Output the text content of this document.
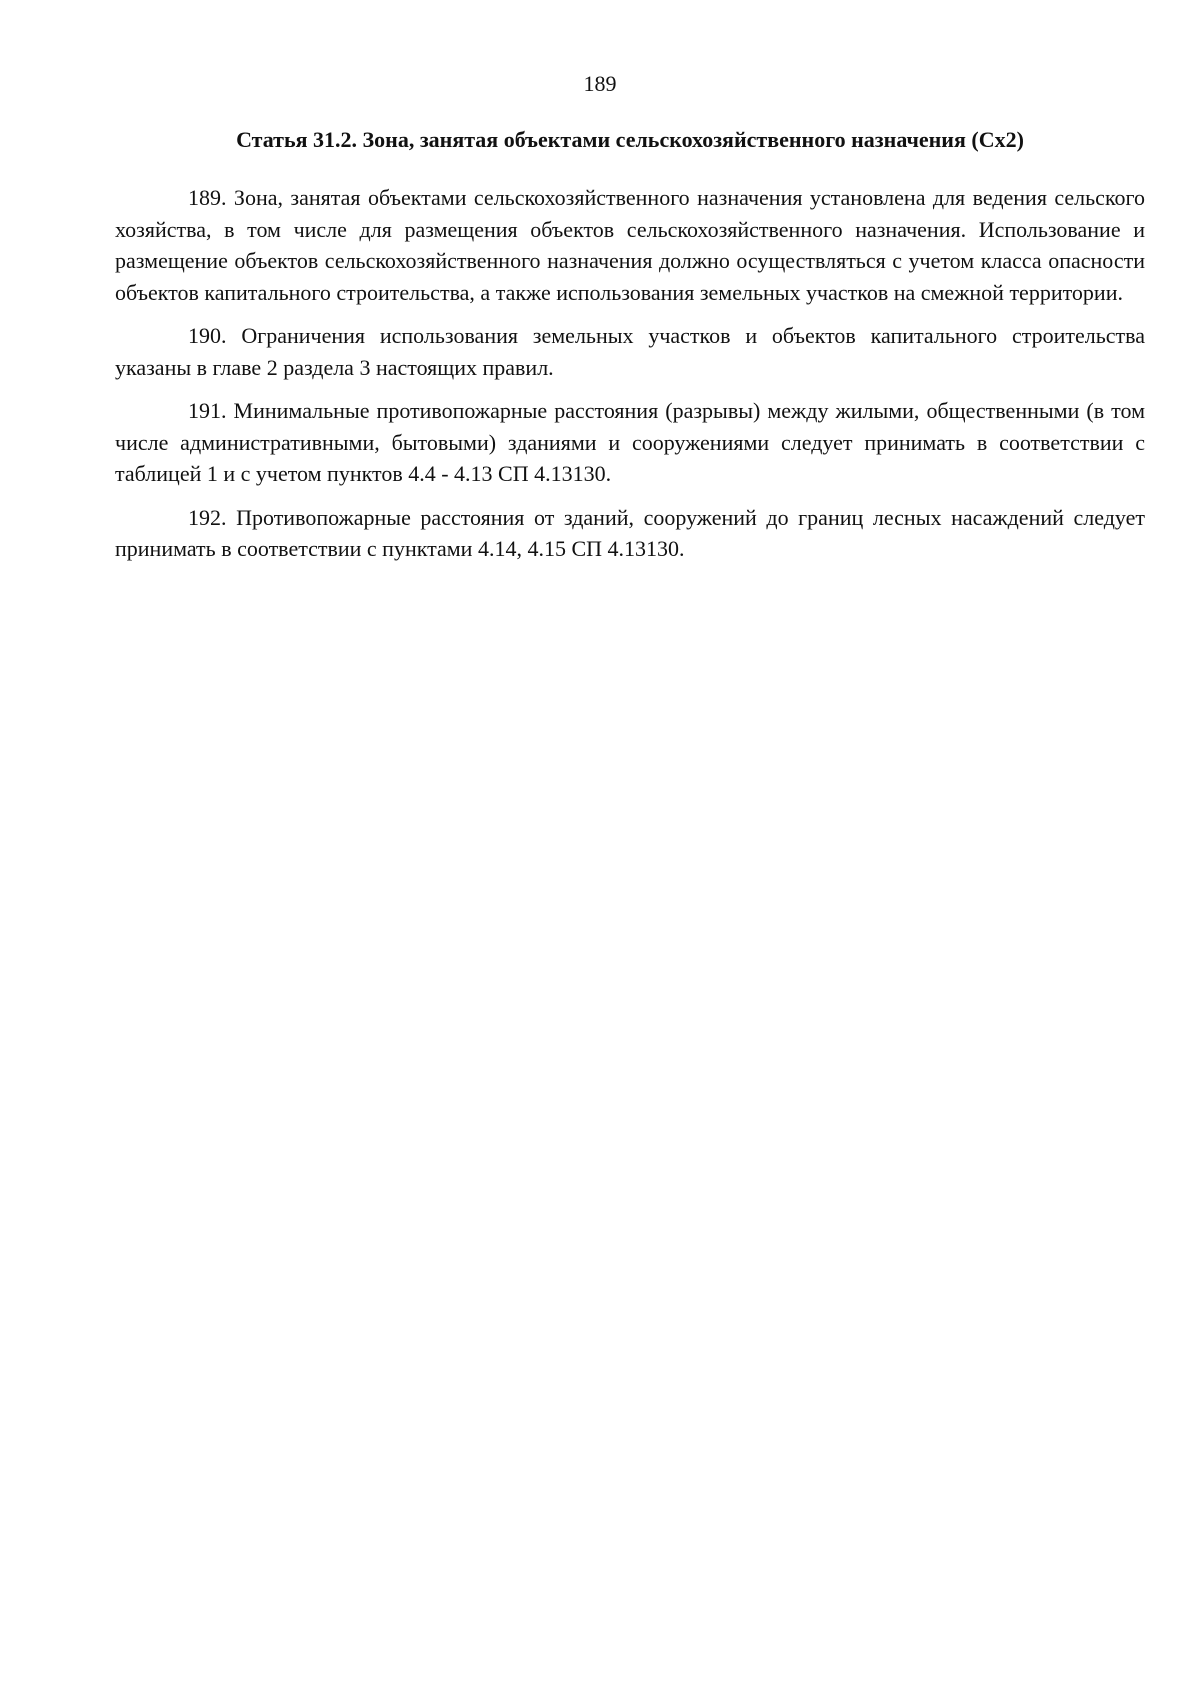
189
Статья 31.2. Зона, занятая объектами сельскохозяйственного назначения (Сх2)

189. Зона, занятая объектами сельскохозяйственного назначения установлена для ведения сельского хозяйства, в том числе для размещения объектов сельскохозяйственного назначения. Использование и размещение объектов сельскохозяйственного назначения должно осуществляться с учетом класса опасности объектов капитального строительства, а также использования земельных участков на смежной территории.

190. Ограничения использования земельных участков и объектов капитального строительства указаны в главе 2 раздела 3 настоящих правил.

191. Минимальные противопожарные расстояния (разрывы) между жилыми, общественными (в том числе административными, бытовыми) зданиями и сооружениями следует принимать в соответствии с таблицей 1 и с учетом пунктов 4.4 - 4.13 СП 4.13130.

192. Противопожарные расстояния от зданий, сооружений до границ лесных насаждений следует принимать в соответствии с пунктами 4.14, 4.15 СП 4.13130.
